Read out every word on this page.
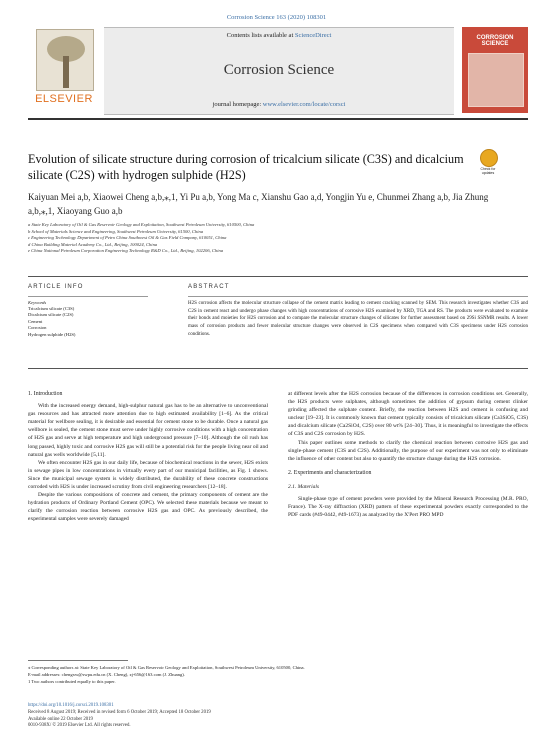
Corrosion Science 163 (2020) 108301
ELSEVIER
Contents lists available at ScienceDirect
Corrosion Science
journal homepage: www.elsevier.com/locate/corsci
CORROSION SCIENCE
Evolution of silicate structure during corrosion of tricalcium silicate (C3S) and dicalcium silicate (C2S) with hydrogen sulphide (H2S)	Check for updates
Kaiyuan Mei a,b, Xiaowei Cheng a,b,⁎,1, Yi Pu a,b, Yong Ma c, Xianshu Gao a,d, Yongjin Yu e, Chunmei Zhang a,b, Jia Zhung a,b,⁎,1, Xiaoyang Guo a,b
a State Key Laboratory of Oil & Gas Reservoir Geology and Exploitation, Southwest Petroleum University, 610500, China
b School of Materials Science and Engineering, Southwest Petroleum University, 61500, China
c Engineering Technology Department of Petro China Southwest Oil & Gas Field Company, 610051, China
d China Building Material Academy Co., Ltd., Beijing, 100024, China
e China National Petroleum Corporation Engineering Technology R&D Co., Ltd., Beijing, 102206, China
ARTICLE INFO	ABSTRACT
Keywords
Tricalcium silicate (C3S)
Dicalcium silicate (C2S)
Cement
Corrosion
Hydrogen sulphide (H2S)
H2S corrosion affects the molecular structure collapse of the cement matrix leading to cement cracking scanned by SEM. This research investigates whether C3S and C2S in cement react and undergo phase changes with high concentrations of corrosive H2S examined by XRD, TGA and RS. The products were evaluated to examine their bonds and moieties for H2S corrosion and to compare the molecular structure changes of silicates for further assessment based on 29Si SSNMR results. A lower mass of corrosion products and fewer molecular structure changes were observed in C2S specimens when compared with C3S specimens under H2S corrosion conditions.
1. Introduction

With the increased energy demand, high-sulphur natural gas has to be an alternative to unconventional gas resources and has attracted more attention due to high estimated availability [1–6]. As the critical material for wellbore sealing, it is desirable and essential for cement stone to be durable. Once a natural gas wellbore is sealed, the cement stone must serve under highly corrosive conditions with a high concentration of H2S gas and serve at high temperature and high underground pressure [7–10]. Although the oil rush has long passed, highly toxic and corrosive H2S gas will still be a potential risk for the people living near oil and natural gas wells worldwide [5,11].

We often encounter H2S gas in our daily life, because of biochemical reactions in the sewer, H2S exists in sewage pipes in low concentrations in virtually every part of our municipal facilities, as Fig. 1 shows. Since the municipal sewage system is widely distributed, the durability of these concrete constructions corroded with H2S is under increased scrutiny from civil engineering researchers [12–18].

Despite the various compositions of concrete and cement, the primary components of cement are the hydration products of Ordinary Portland Cement (OPC). We selected these materials because we meant to clarify the corrosion reaction between corrosive H2S gas and OPC. As previously described, the experimental samples were severely damaged

at different levels after the H2S corrosion because of the differences in corrosion conditions set. Generally, the H2S products were sulphates, although sometimes the addition of gypsum during cement clinker grinding affected the sulphate content. Briefly, the reaction between H2S and cement is confusing and unclear [19–23]. It is commonly known that cement typically consists of tricalcium silicate (Ca3SiO5, C3S) and dicalcium silicate (Ca2SiO4, C2S) over 80 wt% [24–30]. Thus, it is meaningful to investigate the effects of C3S and C2S corrosion by H2S.

This paper outlines some methods to clarify the chemical reaction between corrosive H2S gas and single-phase cement (C3S and C2S). Additionally, the purpose of our experiment was not only to eliminate the influence of other content but also to quantify the structure change during the H2S corrosion.

2. Experiments and characterization
2.1. Materials

Single-phase type of cement powders were provided by the Mineral Research Processing (M.R. PRO, France). The X-ray diffraction (XRD) pattern of these experimental powders exactly corresponded to the PDF cards (#49-0442, #49-1673) as analyzed by the X'Pert PRO MPD

⁎ Corresponding authors at: State Key Laboratory of Oil & Gas Reservoir Geology and Exploitation, Southwest Petroleum University, 610500, China.
E-mail addresses: chengxw@swpu.edu.cn (X. Cheng), zj-656@163.com (J. Zhuang).
1 Two authors contributed equally to this paper.
https://doi.org/10.1016/j.corsci.2019.108301
Received 8 August 2019; Received in revised form 6 October 2019; Accepted 18 October 2019
Available online 22 October 2019
0010-938X/ © 2019 Elsevier Ltd. All rights reserved.
